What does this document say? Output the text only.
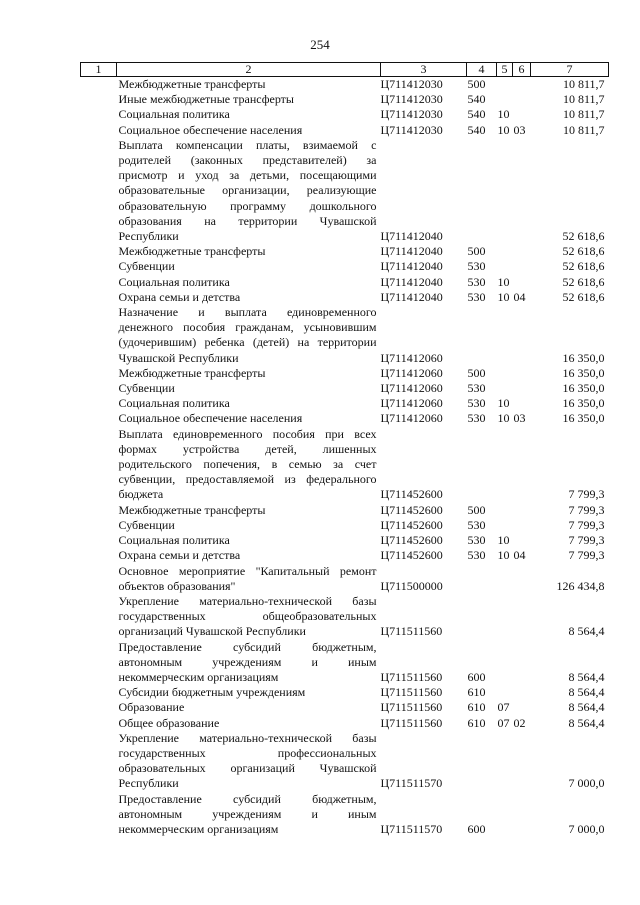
254
1	2	3	4	5	6	7
	Межбюджетные трансферты	Ц711412030	500			10 811,7
	Иные межбюджетные трансферты	Ц711412030	540			10 811,7
	Социальная политика	Ц711412030	540	10		10 811,7
	Социальное обеспечение населения	Ц711412030	540	10	03	10 811,7
	Выплата компенсации платы, взимаемой с родителей (законных представителей) за присмотр и уход за детьми, посещающими образовательные организации, реализующие образовательную программу дошкольного образования на территории Чувашской Республики	Ц711412040				52 618,6
	Межбюджетные трансферты	Ц711412040	500			52 618,6
	Субвенции	Ц711412040	530			52 618,6
	Социальная политика	Ц711412040	530	10		52 618,6
	Охрана семьи и детства	Ц711412040	530	10	04	52 618,6
	Назначение и выплата единовременного денежного пособия гражданам, усыновившим (удочерившим) ребенка (детей) на территории Чувашской Республики	Ц711412060				16 350,0
	Межбюджетные трансферты	Ц711412060	500			16 350,0
	Субвенции	Ц711412060	530			16 350,0
	Социальная политика	Ц711412060	530	10		16 350,0
	Социальное обеспечение населения	Ц711412060	530	10	03	16 350,0
	Выплата единовременного пособия при всех формах устройства детей, лишенных родительского попечения, в семью за счет субвенции, предоставляемой из федерального бюджета	Ц711452600				7 799,3
	Межбюджетные трансферты	Ц711452600	500			7 799,3
	Субвенции	Ц711452600	530			7 799,3
	Социальная политика	Ц711452600	530	10		7 799,3
	Охрана семьи и детства	Ц711452600	530	10	04	7 799,3
	Основное мероприятие "Капитальный ремонт объектов образования"	Ц711500000				126 434,8
	Укрепление материально-технической базы государственных общеобразовательных организаций Чувашской Республики	Ц711511560				8 564,4
	Предоставление субсидий бюджетным, автономным учреждениям и иным некоммерческим организациям	Ц711511560	600			8 564,4
	Субсидии бюджетным учреждениям	Ц711511560	610			8 564,4
	Образование	Ц711511560	610	07		8 564,4
	Общее образование	Ц711511560	610	07	02	8 564,4
	Укрепление материально-технической базы государственных профессиональных образовательных организаций Чувашской Республики	Ц711511570				7 000,0
	Предоставление субсидий бюджетным, автономным учреждениям и иным некоммерческим организациям	Ц711511570	600			7 000,0
